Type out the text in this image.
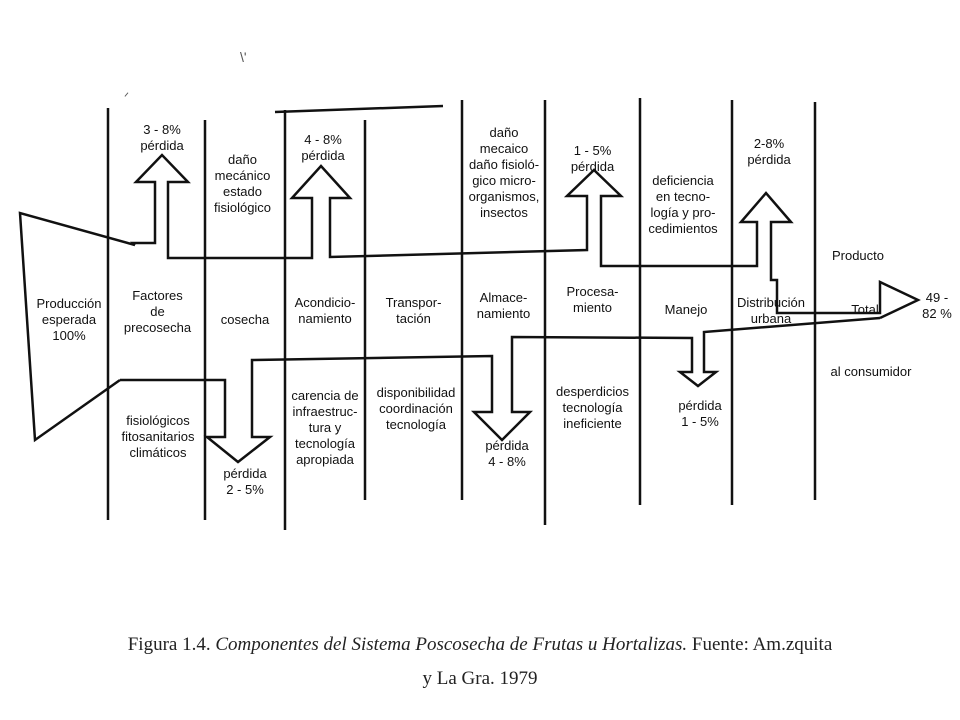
ᐟ
\'
Producción
esperada
100%
Factores
de
precosecha
cosecha
Acondicio-
namiento
Transpor-
tación
Almace-
namiento
Procesa-
miento	Manejo	Distribución
urbana
3 - 8%
pérdida
pérdida
2 - 5%
4 - 8%
pérdida
pérdida
4 - 8%
1 - 5%
pérdida
pérdida
1 - 5%
2-8%
pérdida
fisiológicos
fitosanitarios
climáticos
daño
mecánico
estado
fisiológico
carencia de
infraestruc-
tura y
tecnología
apropiada
disponibilidad
coordinación
tecnología
daño
mecaico
daño fisioló-
gico micro-
organismos,
insectos
desperdicios
tecnología
ineficiente
deficiencia
en tecno-
logía y pro-
cedimientos
Producto
Total
al consumidor
49 -
82 %
Figura 1.4. Componentes del Sistema Poscosecha de Frutas u Hortalizas. Fuente: Am.zquita
y La Gra. 1979
